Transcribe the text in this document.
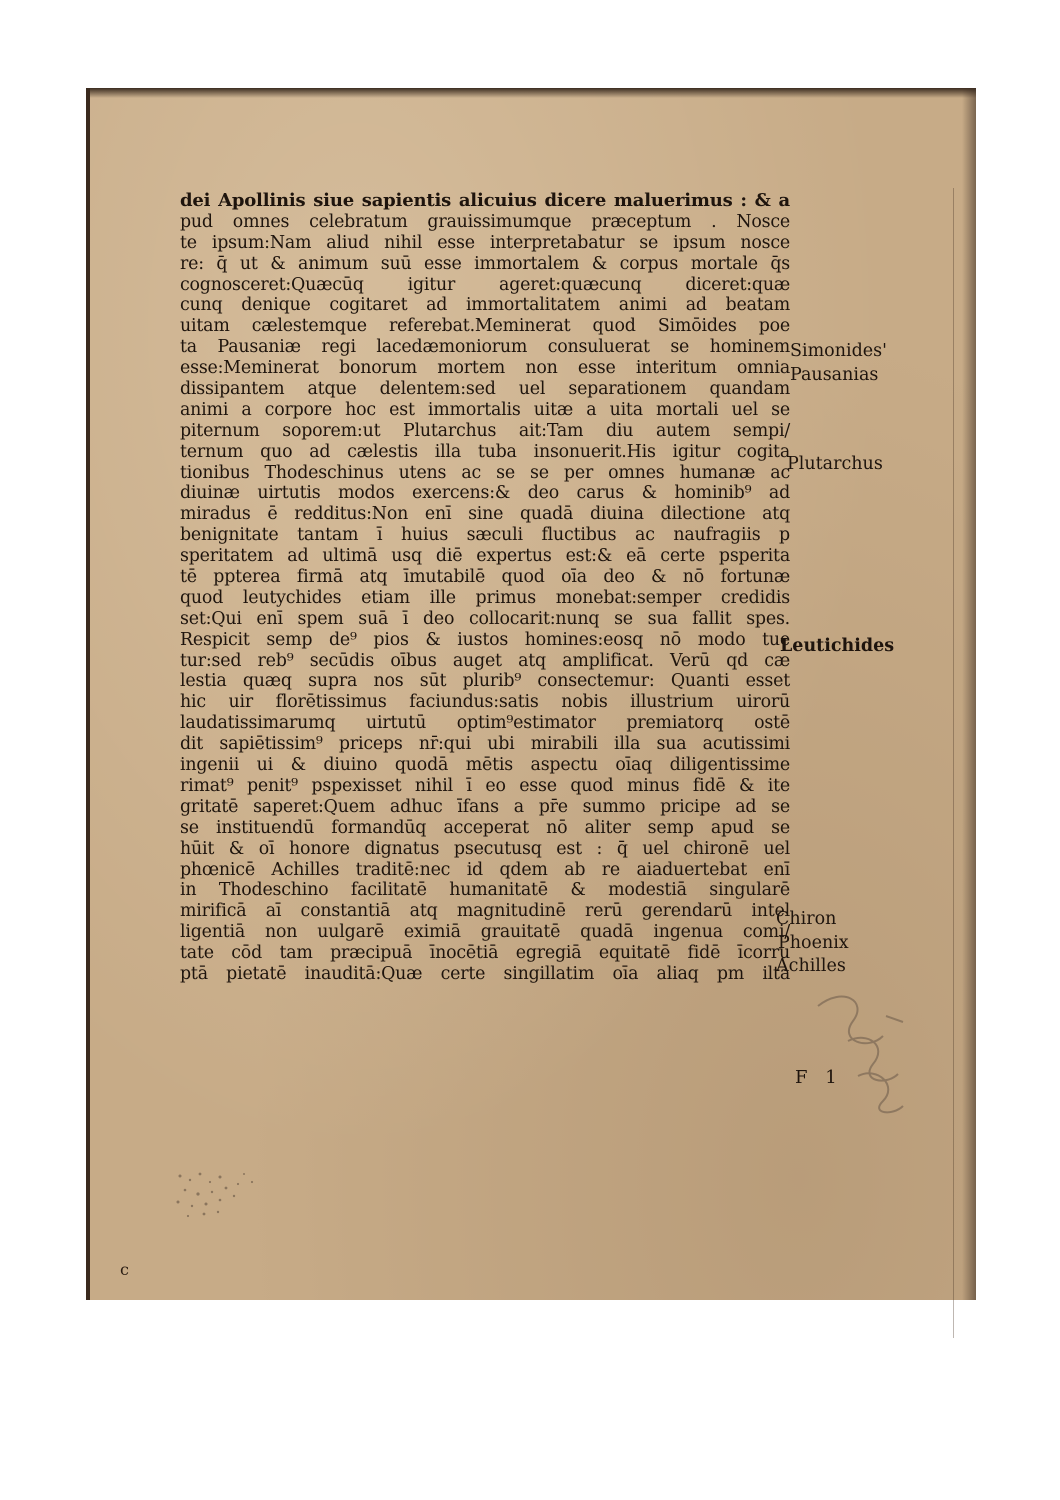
dei Apollinis siue sapientis alicuius dicere maluerimus : & a
pud omnes celebratum grauissimumque præceptum . Nosce
te ipsum:Nam aliud nihil esse interpretabatur se ipsum nosce
re: q̄ ut & animum suū esse immortalem & corpus mortale q̄s
cognosceret:Quæcūq igitur ageret:quæcunq diceret:quæ
cunq denique cogitaret ad immortalitatem animi ad beatam
uitam cælestemque referebat.Meminerat quod Simōides poe
ta Pausaniæ regi lacedæmoniorum consuluerat se hominem
esse:Meminerat bonorum mortem non esse interitum omnia
dissipantem atque delentem:sed uel separationem quandam
animi a corpore hoc est immortalis uitæ a uita mortali uel se
piternum soporem:ut Plutarchus ait:Tam diu autem sempi/
ternum quo ad cælestis illa tuba insonuerit.His igitur cogita
tionibus Thodeschinus utens ac se se per omnes humanæ ac
diuinæ uirtutis modos exercens:& deo carus & hominib⁹ ad
miradus ē redditus:Non enī sine quadā diuina dilectione atq
benignitate tantam ī huius sæculi fluctibus ac naufragiis p
speritatem ad ultimā usq diē expertus est:& eā certe psperita
tē ppterea firmā atq īmutabilē quod oīa deo & nō fortunæ
quod leutychides etiam ille primus monebat:semper credidis
set:Qui enī spem suā ī deo collocarit:nunq se sua fallit spes.
Respicit semp de⁹ pios & iustos homines:eosq nō modo tue
tur:sed reb⁹ secūdis oībus auget atq amplificat. Verū qd cæ
lestia quæq supra nos sūt plurib⁹ consectemur: Quanti esset
hic uir florētissimus faciundus:satis nobis illustrium uirorū
laudatissimarumq uirtutū optim⁹estimator premiatorq ostē
dit sapiētissim⁹ priceps nr̄:qui ubi mirabili illa sua acutissimi
ingenii ui & diuino quodā mētis aspectu oīaq diligentissime
rimat⁹ penit⁹ pspexisset nihil ī eo esse quod minus fidē & ite
gritatē saperet:Quem adhuc īfans a pr̄e summo pricipe ad se
se instituendū formandūq acceperat nō aliter semp apud se
hūit & oī honore dignatus psecutusq est : q̄ uel chironē uel
phœnicē Achilles traditē:nec id qdem ab re aiaduertebat enī
in Thodeschino facilitatē humanitatē & modestiā singularē
mirificā aī constantiā atq magnitudinē rerū gerendarū intel
ligentiā non uulgarē eximiā grauitatē quadā ingenua comi/
tate cōd tam præcipuā īnocētiā egregiā equitatē fidē īcorru
ptā pietatē inauditā:Quæ certe singillatim oīa aliaq pm ilta
Simonides'
Pausanias
Plutarchus
Leutichides
Chiron
Phoenix
Achilles
F 1
c
